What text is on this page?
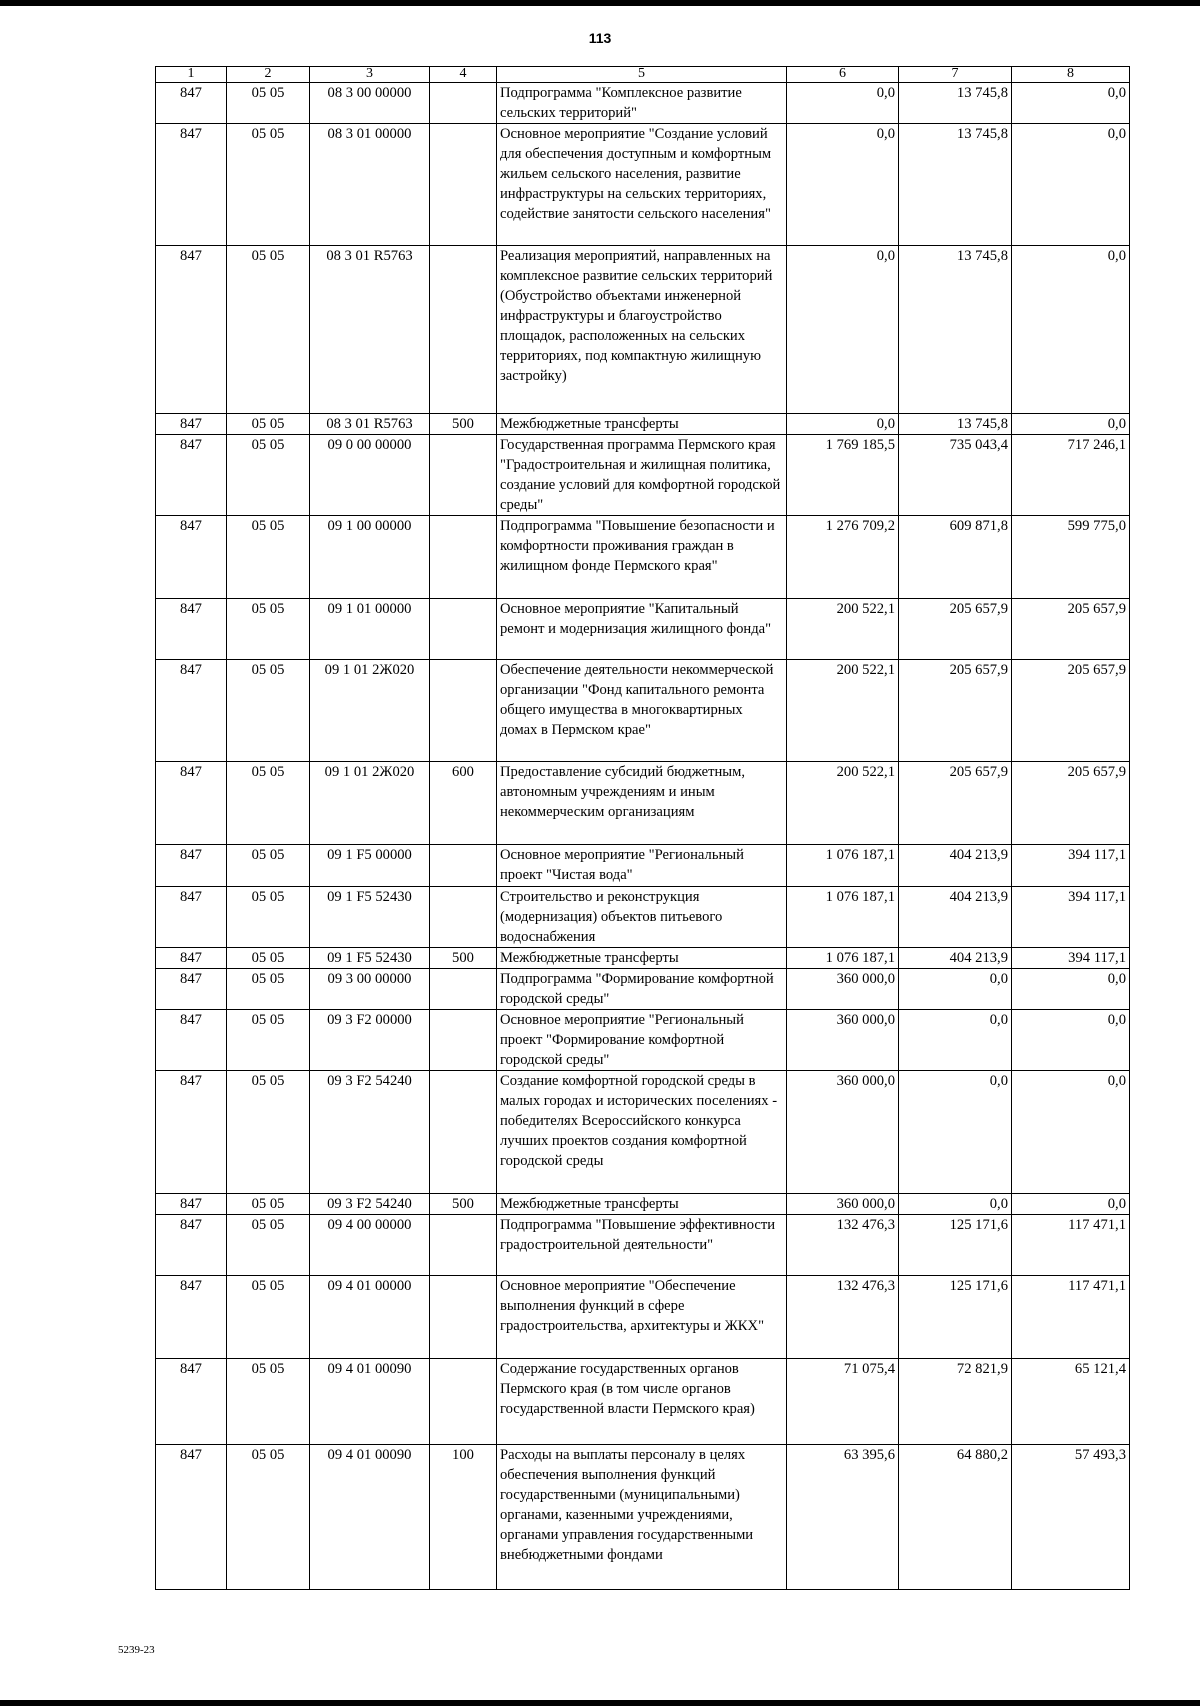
113
1	2	3	4	5	6	7	8
847	05 05	08 3 00 00000		Подпрограмма "Комплексное развитие сельских территорий"	0,0	13 745,8	0,0
847	05 05	08 3 01 00000		Основное мероприятие "Создание условий для обеспечения доступным и комфортным жильем сельского населения, развитие инфраструктуры на сельских территориях, содействие занятости сельского населения"	0,0	13 745,8	0,0
847	05 05	08 3 01 R5763		Реализация мероприятий, направленных на комплексное развитие сельских территорий (Обустройство объектами инженерной инфраструктуры и благоустройство площадок, расположенных на сельских территориях, под компактную жилищную застройку)	0,0	13 745,8	0,0
847	05 05	08 3 01 R5763	500	Межбюджетные трансферты	0,0	13 745,8	0,0
847	05 05	09 0 00 00000		Государственная программа Пермского края "Градостроительная и жилищная политика, создание условий для комфортной городской среды"	1 769 185,5	735 043,4	717 246,1
847	05 05	09 1 00 00000		Подпрограмма "Повышение безопасности и комфортности проживания граждан в жилищном фонде Пермского края"	1 276 709,2	609 871,8	599 775,0
847	05 05	09 1 01 00000		Основное мероприятие "Капитальный ремонт и модернизация жилищного фонда"	200 522,1	205 657,9	205 657,9
847	05 05	09 1 01 2Ж020		Обеспечение деятельности некоммерческой организации "Фонд капитального ремонта общего имущества в многоквартирных домах в Пермском крае"	200 522,1	205 657,9	205 657,9
847	05 05	09 1 01 2Ж020	600	Предоставление субсидий бюджетным, автономным учреждениям и иным некоммерческим организациям	200 522,1	205 657,9	205 657,9
847	05 05	09 1 F5 00000		Основное мероприятие "Региональный проект "Чистая вода"	1 076 187,1	404 213,9	394 117,1
847	05 05	09 1 F5 52430		Строительство и реконструкция (модернизация) объектов питьевого водоснабжения	1 076 187,1	404 213,9	394 117,1
847	05 05	09 1 F5 52430	500	Межбюджетные трансферты	1 076 187,1	404 213,9	394 117,1
847	05 05	09 3 00 00000		Подпрограмма "Формирование комфортной городской среды"	360 000,0	0,0	0,0
847	05 05	09 3 F2 00000		Основное мероприятие "Региональный проект "Формирование комфортной городской среды"	360 000,0	0,0	0,0
847	05 05	09 3 F2 54240		Создание комфортной городской среды в малых городах и исторических поселениях - победителях Всероссийского конкурса лучших проектов создания комфортной городской среды	360 000,0	0,0	0,0
847	05 05	09 3 F2 54240	500	Межбюджетные трансферты	360 000,0	0,0	0,0
847	05 05	09 4 00 00000		Подпрограмма "Повышение эффективности градостроительной деятельности"	132 476,3	125 171,6	117 471,1
847	05 05	09 4 01 00000		Основное мероприятие "Обеспечение выполнения функций в сфере градостроительства, архитектуры и ЖКХ"	132 476,3	125 171,6	117 471,1
847	05 05	09 4 01 00090		Содержание государственных органов Пермского края (в том числе органов государственной власти Пермского края)	71 075,4	72 821,9	65 121,4
847	05 05	09 4 01 00090	100	Расходы на выплаты персоналу в целях обеспечения выполнения функций государственными (муниципальными) органами, казенными учреждениями, органами управления государственными внебюджетными фондами	63 395,6	64 880,2	57 493,3
5239-23
